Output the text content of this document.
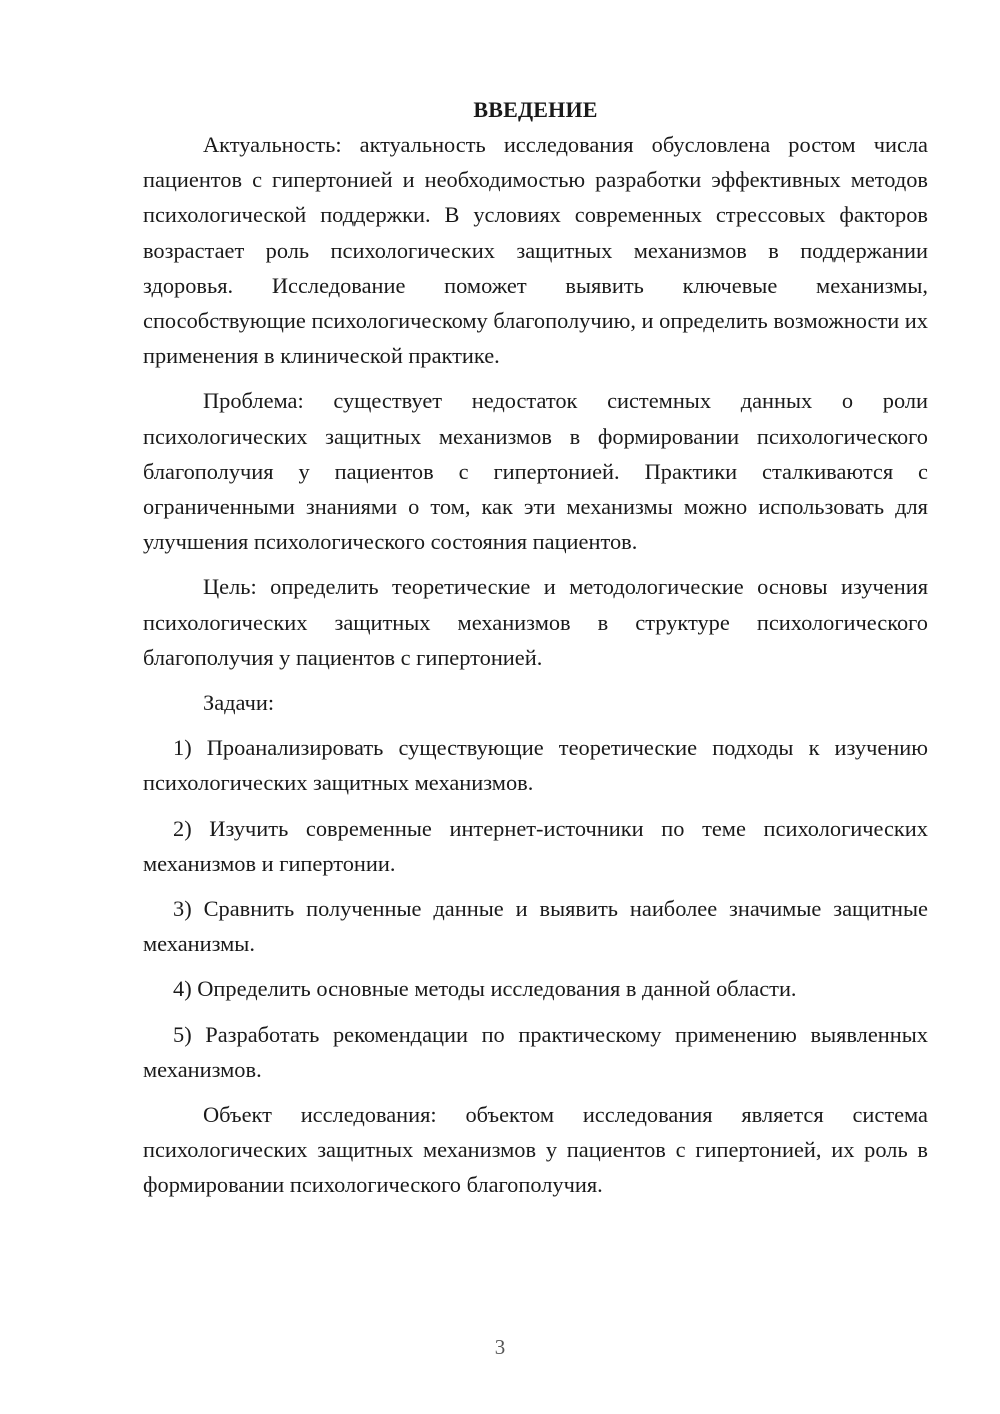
ВВЕДЕНИЕ

Актуальность: актуальность исследования обусловлена ростом числа пациентов с гипертонией и необходимостью разработки эффективных методов психологической поддержки. В условиях современных стрессовых факторов возрастает роль психологических защитных механизмов в поддержании здоровья. Исследование поможет выявить ключевые механизмы, способствующие психологическому благополучию, и определить возможности их применения в клинической практике.

Проблема: существует недостаток системных данных о роли психологических защитных механизмов в формировании психологического благополучия у пациентов с гипертонией. Практики сталкиваются с ограниченными знаниями о том, как эти механизмы можно использовать для улучшения психологического состояния пациентов.

Цель: определить теоретические и методологические основы изучения психологических защитных механизмов в структуре психологического благополучия у пациентов с гипертонией.

Задачи:

1) Проанализировать существующие теоретические подходы к изучению психологических защитных механизмов.

2) Изучить современные интернет-источники по теме психологических механизмов и гипертонии.

3) Сравнить полученные данные и выявить наиболее значимые защитные механизмы.

4) Определить основные методы исследования в данной области.

5) Разработать рекомендации по практическому применению выявленных механизмов.

Объект исследования: объектом исследования является система психологических защитных механизмов у пациентов с гипертонией, их роль в формировании психологического благополучия.

3
